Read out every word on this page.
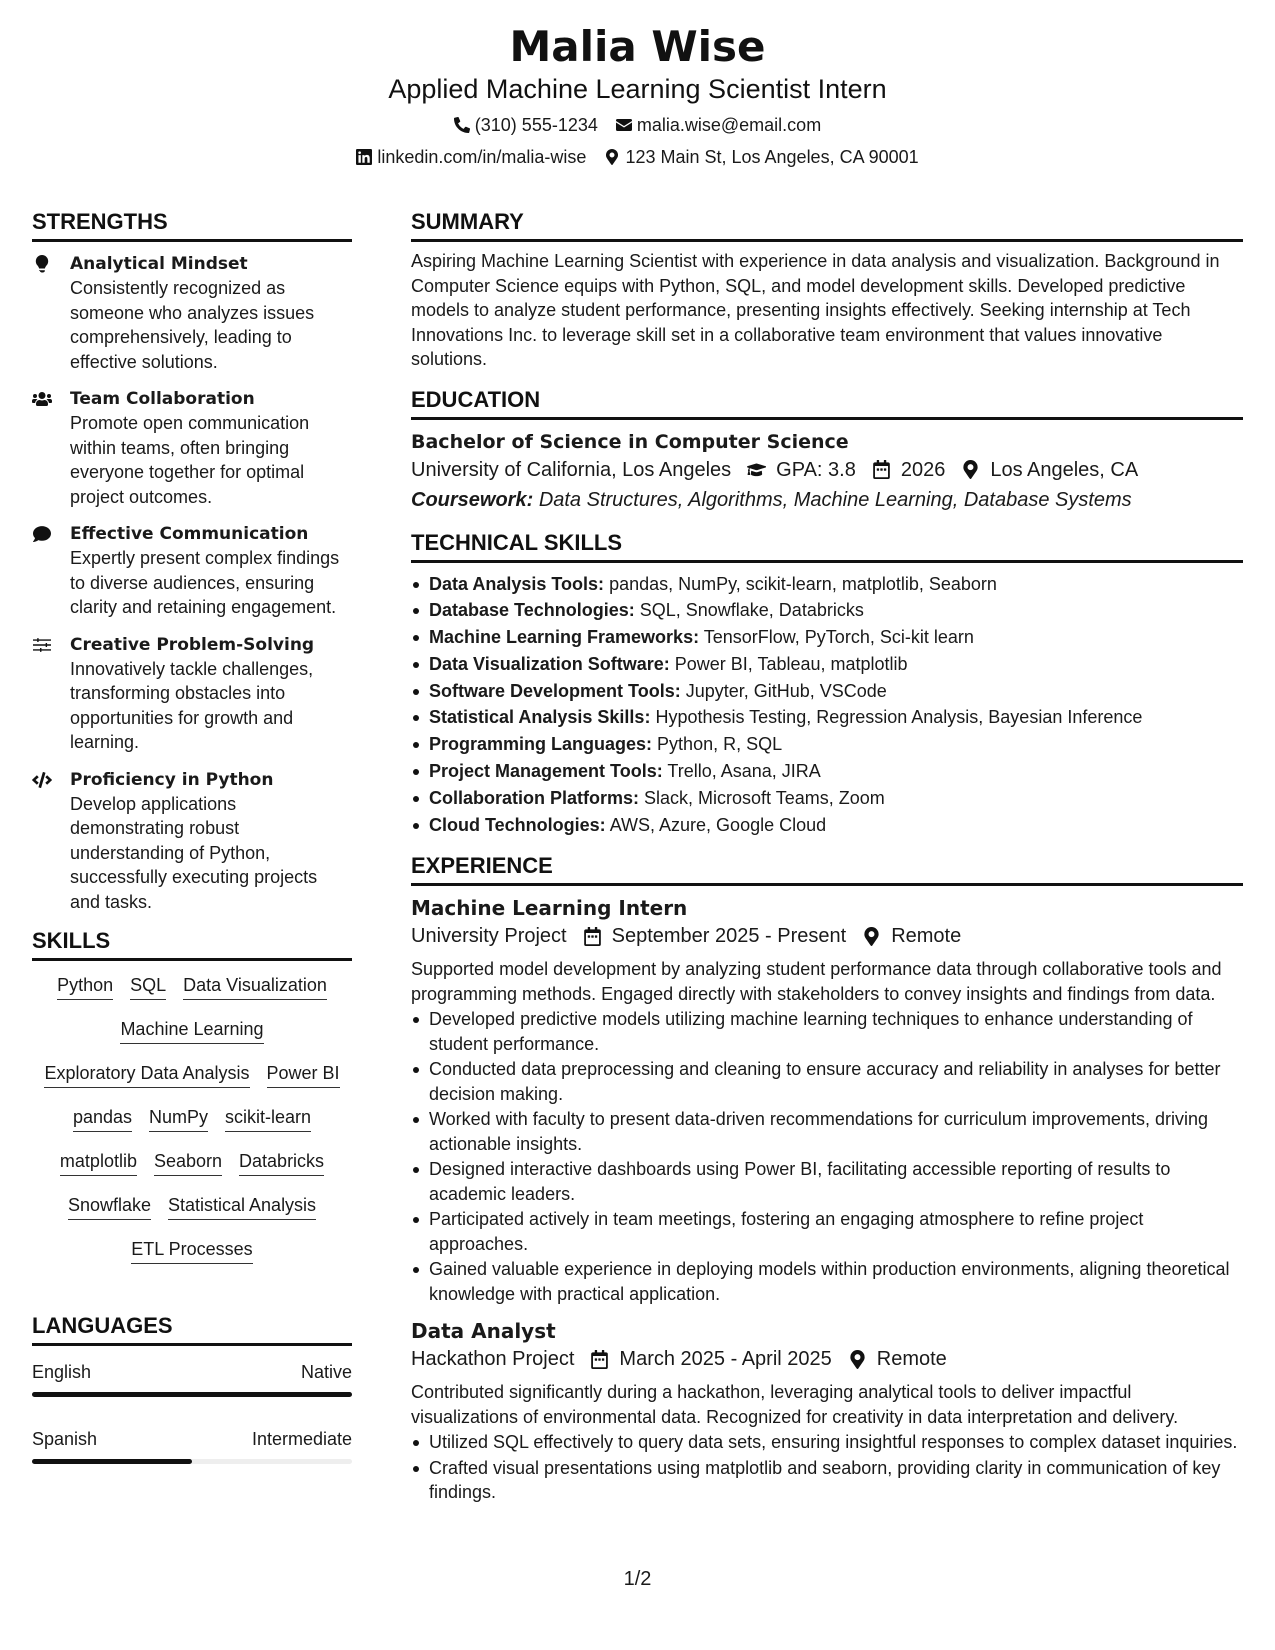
Malia Wise
Applied Machine Learning Scientist Intern
(310) 555-1234 malia.wise@email.com
linkedin.com/in/malia-wise 123 Main St, Los Angeles, CA 90001
STRENGTHS
Analytical Mindset
Consistently recognized as someone who analyzes issues comprehensively, leading to effective solutions.
Team Collaboration
Promote open communication within teams, often bringing everyone together for optimal project outcomes.
Effective Communication
Expertly present complex findings to diverse audiences, ensuring clarity and retaining engagement.
Creative Problem-Solving
Innovatively tackle challenges, transforming obstacles into opportunities for growth and learning.
Proficiency in Python
Develop applications demonstrating robust understanding of Python, successfully executing projects and tasks.
SKILLS
Python SQL Data Visualization
Machine Learning
Exploratory Data Analysis Power BI
pandas NumPy scikit-learn
matplotlib Seaborn Databricks
Snowflake Statistical Analysis
ETL Processes
LANGUAGES
English	Native
Spanish	Intermediate
SUMMARY
Aspiring Machine Learning Scientist with experience in data analysis and visualization. Background in Computer Science equips with Python, SQL, and model development skills. Developed predictive models to analyze student performance, presenting insights effectively. Seeking internship at Tech Innovations Inc. to leverage skill set in a collaborative team environment that values innovative solutions.
EDUCATION
Bachelor of Science in Computer Science
University of California, Los Angeles GPA: 3.8 2026 Los Angeles, CA
Coursework: Data Structures, Algorithms, Machine Learning, Database Systems
TECHNICAL SKILLS
Data Analysis Tools: pandas, NumPy, scikit-learn, matplotlib, Seaborn
Database Technologies: SQL, Snowflake, Databricks
Machine Learning Frameworks: TensorFlow, PyTorch, Sci-kit learn
Data Visualization Software: Power BI, Tableau, matplotlib
Software Development Tools: Jupyter, GitHub, VSCode
Statistical Analysis Skills: Hypothesis Testing, Regression Analysis, Bayesian Inference
Programming Languages: Python, R, SQL
Project Management Tools: Trello, Asana, JIRA
Collaboration Platforms: Slack, Microsoft Teams, Zoom
Cloud Technologies: AWS, Azure, Google Cloud
EXPERIENCE
Machine Learning Intern
University Project September 2025 - Present Remote
Supported model development by analyzing student performance data through collaborative tools and programming methods. Engaged directly with stakeholders to convey insights and findings from data.
Developed predictive models utilizing machine learning techniques to enhance understanding of student performance.
Conducted data preprocessing and cleaning to ensure accuracy and reliability in analyses for better decision making.
Worked with faculty to present data-driven recommendations for curriculum improvements, driving actionable insights.
Designed interactive dashboards using Power BI, facilitating accessible reporting of results to academic leaders.
Participated actively in team meetings, fostering an engaging atmosphere to refine project approaches.
Gained valuable experience in deploying models within production environments, aligning theoretical knowledge with practical application.
Data Analyst
Hackathon Project March 2025 - April 2025 Remote
Contributed significantly during a hackathon, leveraging analytical tools to deliver impactful visualizations of environmental data. Recognized for creativity in data interpretation and delivery.
Utilized SQL effectively to query data sets, ensuring insightful responses to complex dataset inquiries.
Crafted visual presentations using matplotlib and seaborn, providing clarity in communication of key findings.
1/2
